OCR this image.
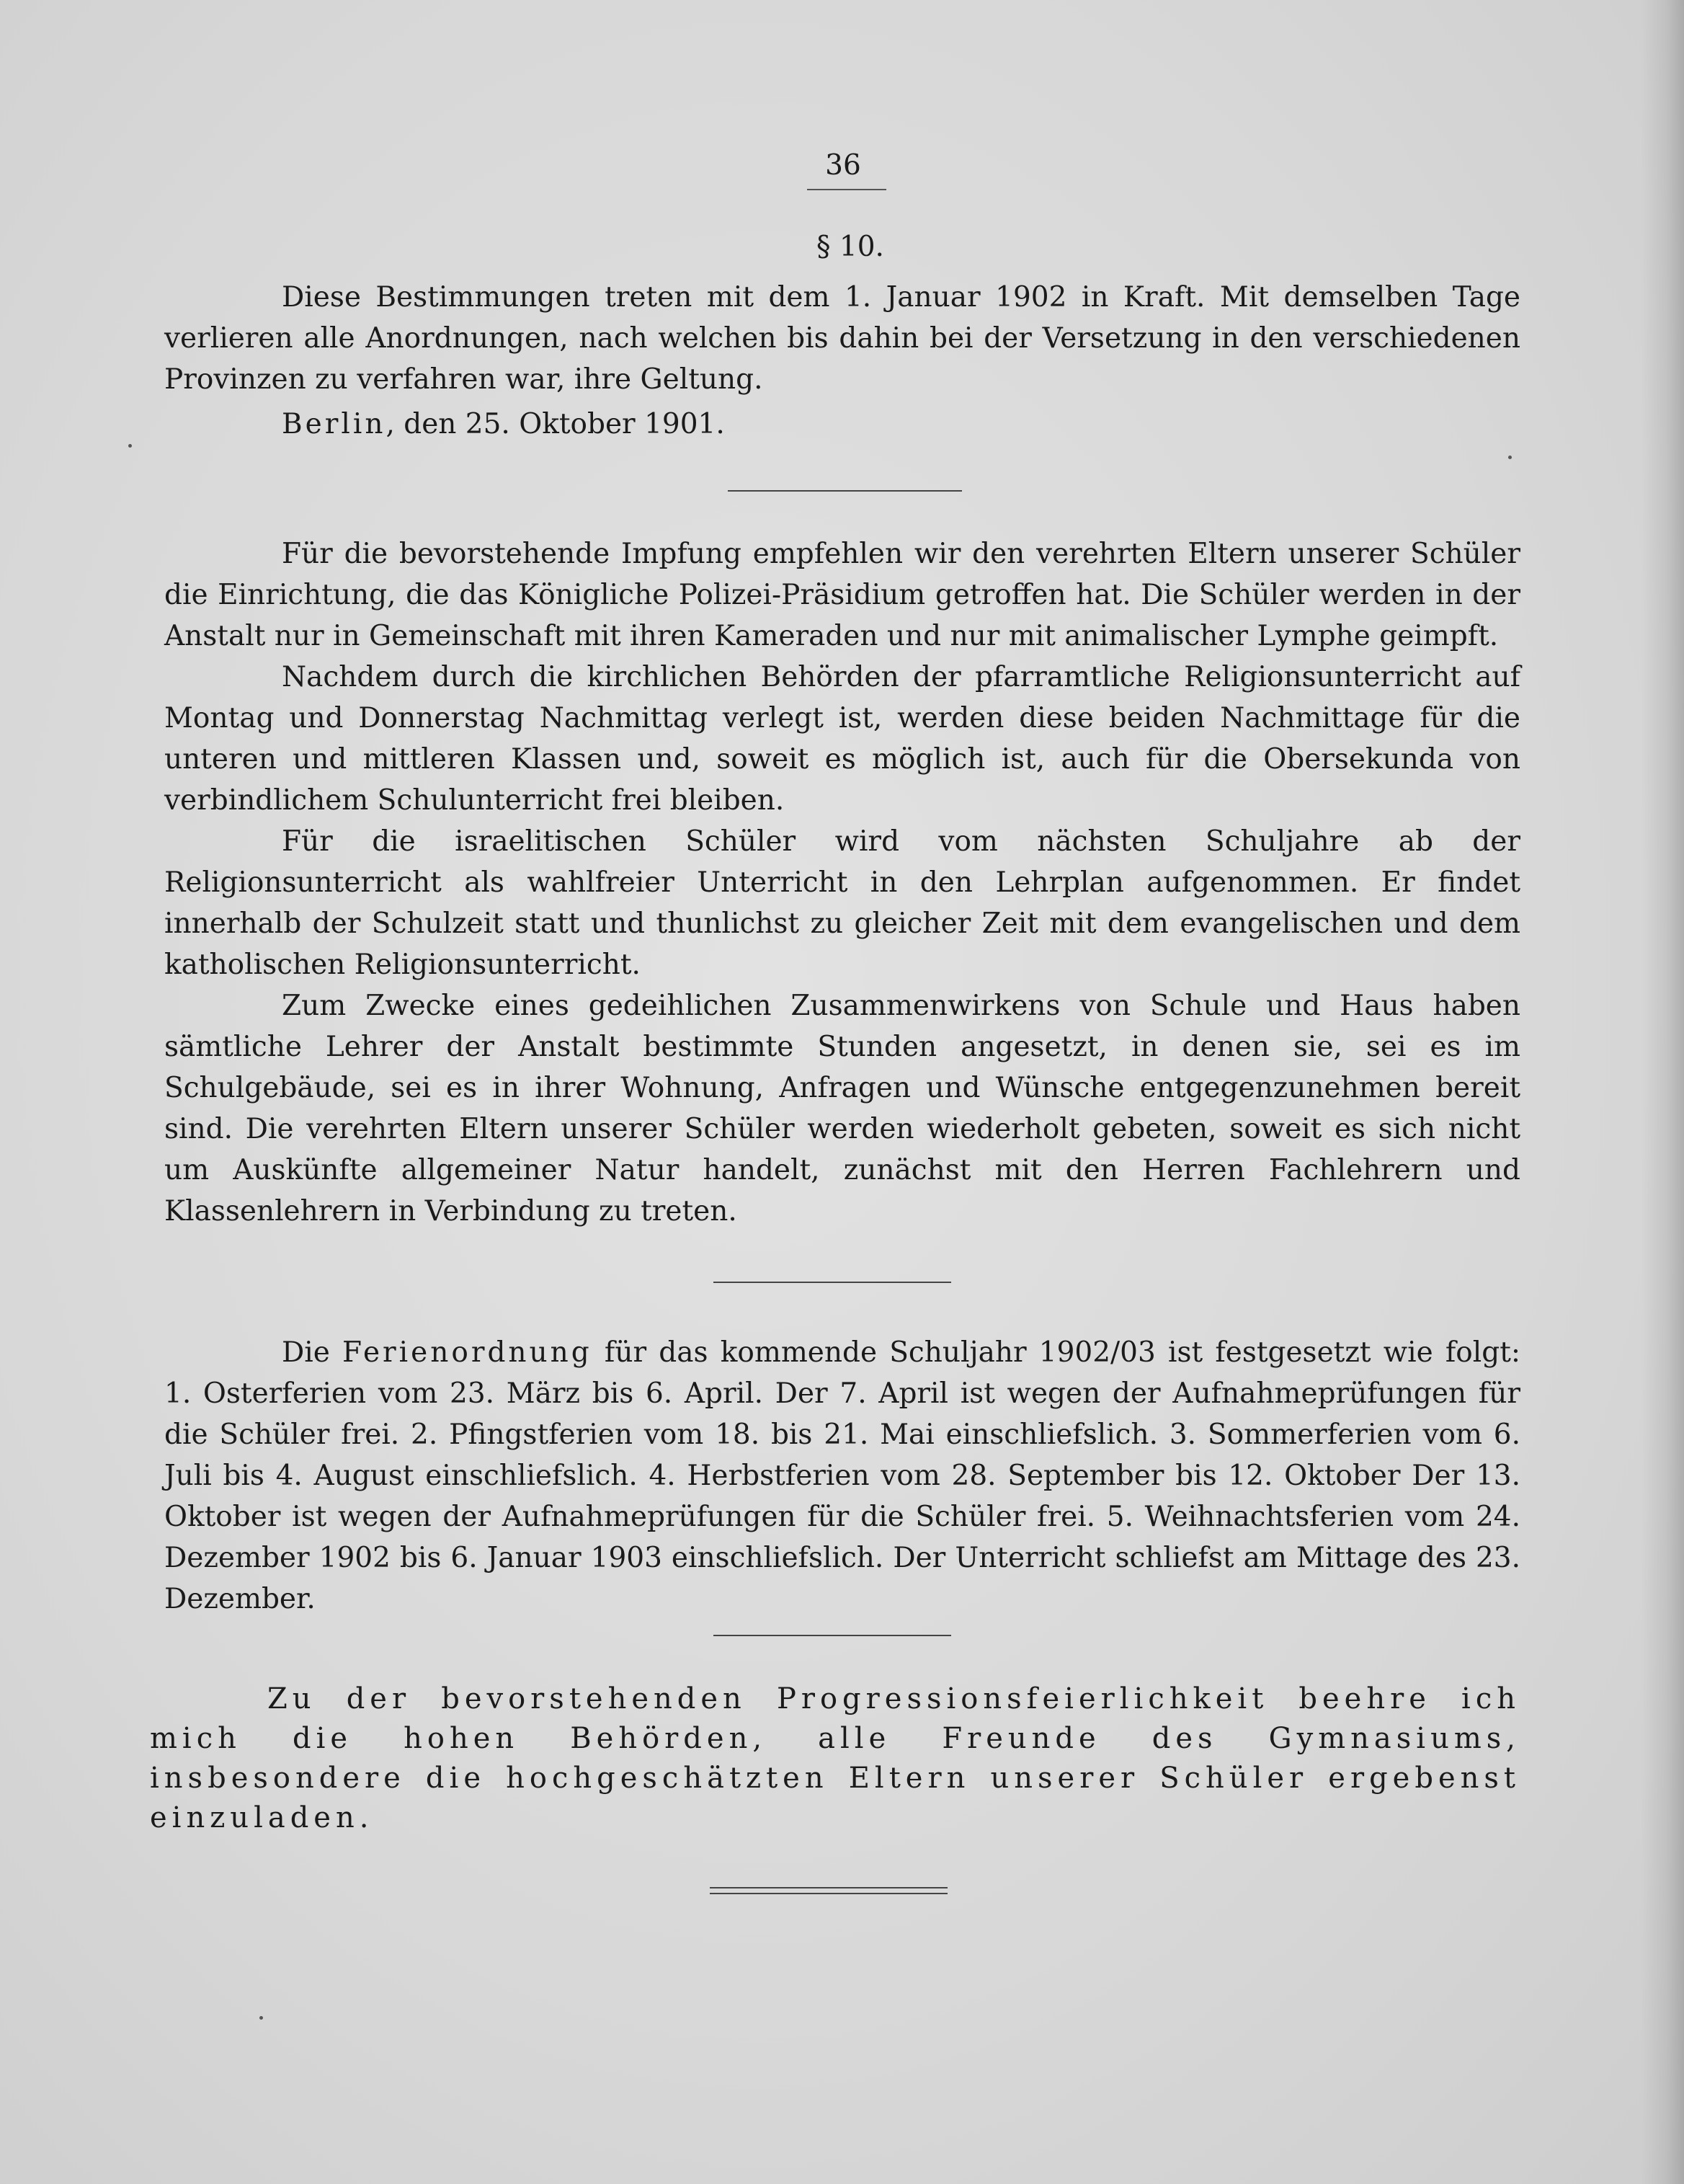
36
§ 10.

Diese Bestimmungen treten mit dem 1. Januar 1902 in Kraft. Mit demselben Tage verlieren alle Anordnungen, nach welchen bis dahin bei der Versetzung in den verschiedenen Provinzen zu verfahren war, ihre Geltung.

Berlin, den 25. Oktober 1901.

Für die bevorstehende Impfung empfehlen wir den verehrten Eltern unserer Schüler die Einrichtung, die das Königliche Polizei-Präsidium getroffen hat. Die Schüler werden in der Anstalt nur in Gemeinschaft mit ihren Kameraden und nur mit animalischer Lymphe geimpft.

Nachdem durch die kirchlichen Behörden der pfarramtliche Religionsunterricht auf Montag und Donnerstag Nachmittag verlegt ist, werden diese beiden Nachmittage für die unteren und mittleren Klassen und, soweit es möglich ist, auch für die Obersekunda von verbindlichem Schulunterricht frei bleiben.

Für die israelitischen Schüler wird vom nächsten Schuljahre ab der Religionsunterricht als wahlfreier Unterricht in den Lehrplan aufgenommen. Er findet innerhalb der Schulzeit statt und thunlichst zu gleicher Zeit mit dem evangelischen und dem katholischen Religionsunterricht.

Zum Zwecke eines gedeihlichen Zusammenwirkens von Schule und Haus haben sämtliche Lehrer der Anstalt bestimmte Stunden angesetzt, in denen sie, sei es im Schulgebäude, sei es in ihrer Wohnung, Anfragen und Wünsche entgegenzunehmen bereit sind. Die verehrten Eltern unserer Schüler werden wiederholt gebeten, soweit es sich nicht um Auskünfte allgemeiner Natur handelt, zunächst mit den Herren Fachlehrern und Klassenlehrern in Verbindung zu treten.

Die Ferienordnung für das kommende Schuljahr 1902/03 ist festgesetzt wie folgt: 1. Osterferien vom 23. März bis 6. April. Der 7. April ist wegen der Aufnahmeprüfungen für die Schüler frei. 2. Pfingstferien vom 18. bis 21. Mai einschliefslich. 3. Sommerferien vom 6. Juli bis 4. August einschliefslich. 4. Herbstferien vom 28. September bis 12. Oktober Der 13. Oktober ist wegen der Aufnahmeprüfungen für die Schüler frei. 5. Weihnachtsferien vom 24. Dezember 1902 bis 6. Januar 1903 einschliefslich. Der Unterricht schliefst am Mittage des 23. Dezember.

Zu der bevorstehenden Progressionsfeierlichkeit beehre ich mich die hohen Behörden, alle Freunde des Gymnasiums, insbesondere die hochgeschätzten Eltern unserer Schüler ergebenst einzuladen.
